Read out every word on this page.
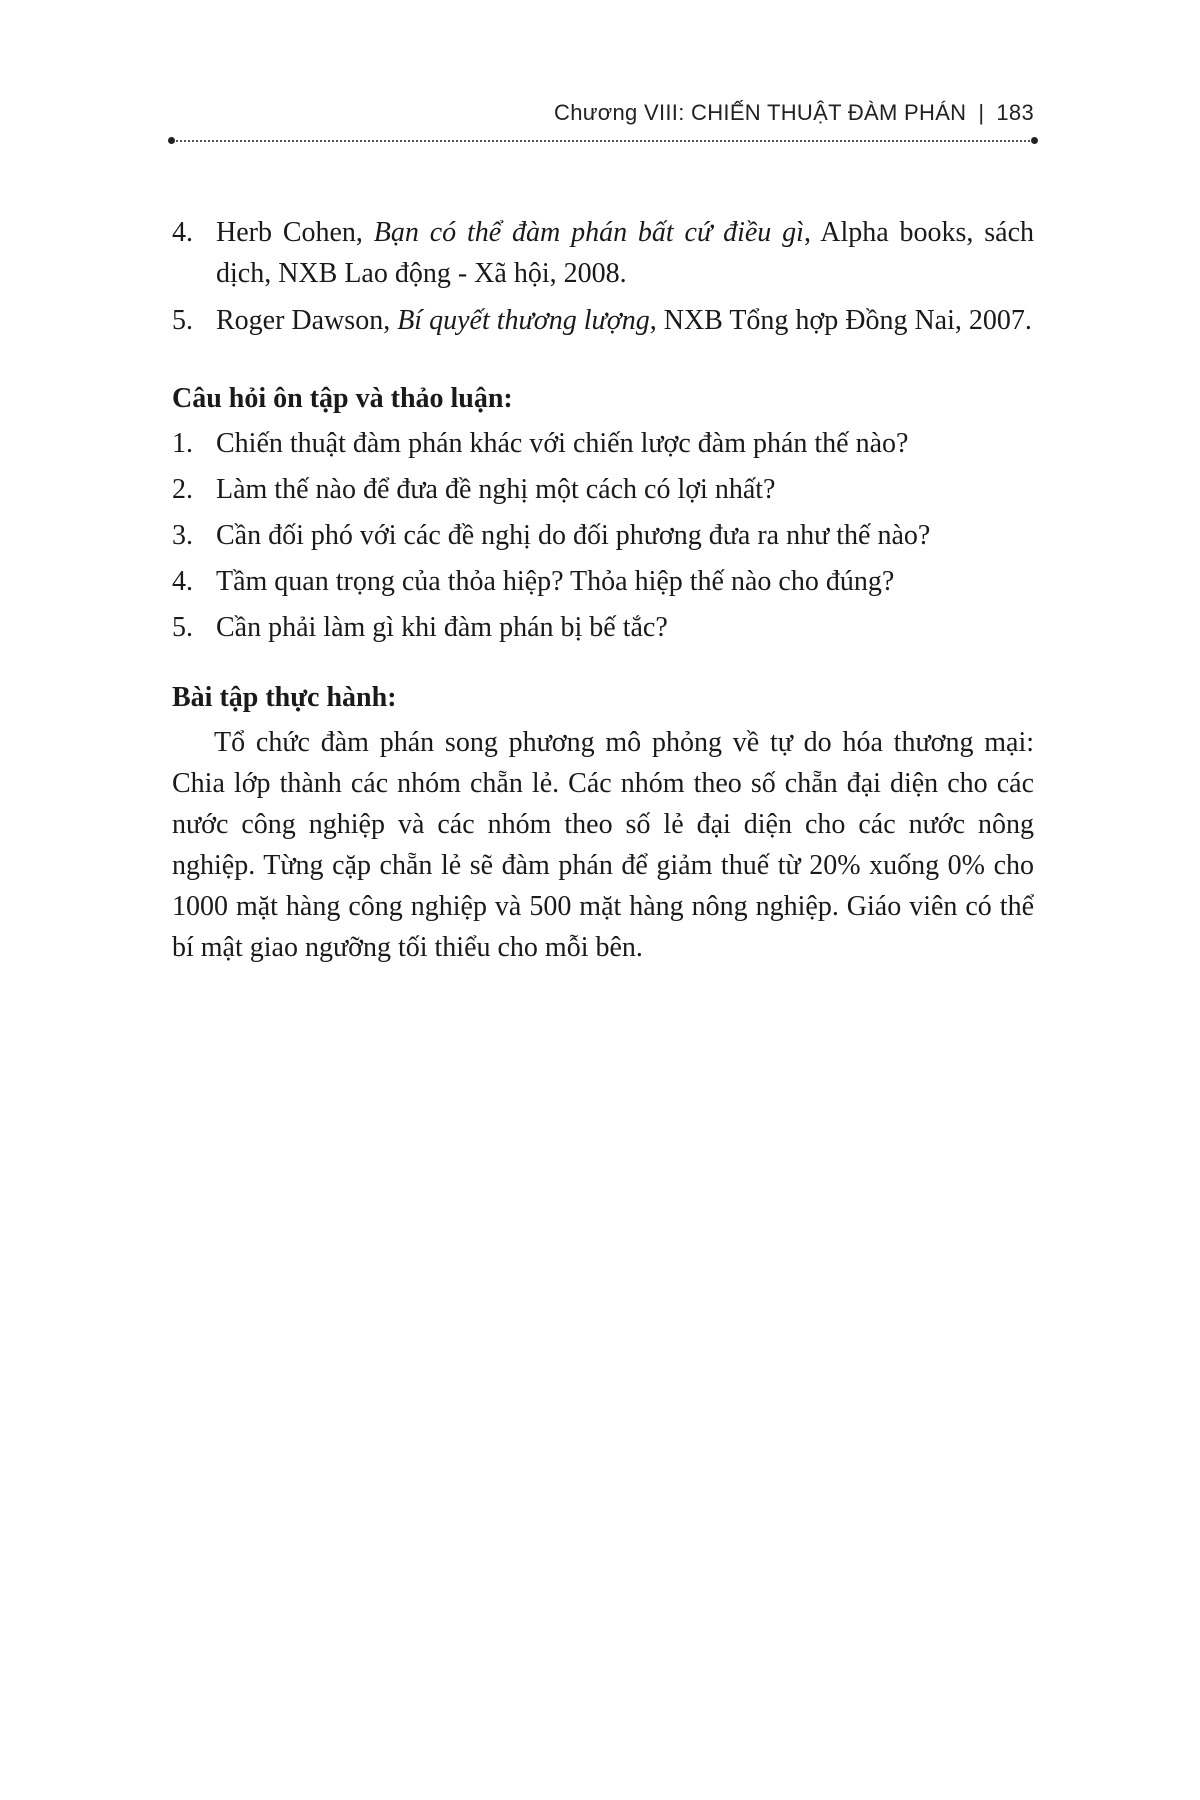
Chương VIII: CHIẾN THUẬT ĐÀM PHÁN | 183
4. Herb Cohen, Bạn có thể đàm phán bất cứ điều gì, Alpha books, sách dịch, NXB Lao động - Xã hội, 2008.
5. Roger Dawson, Bí quyết thương lượng, NXB Tổng hợp Đồng Nai, 2007.
Câu hỏi ôn tập và thảo luận:
1. Chiến thuật đàm phán khác với chiến lược đàm phán thế nào?
2. Làm thế nào để đưa đề nghị một cách có lợi nhất?
3. Cần đối phó với các đề nghị do đối phương đưa ra như thế nào?
4. Tầm quan trọng của thỏa hiệp? Thỏa hiệp thế nào cho đúng?
5. Cần phải làm gì khi đàm phán bị bế tắc?
Bài tập thực hành:

Tổ chức đàm phán song phương mô phỏng về tự do hóa thương mại: Chia lớp thành các nhóm chẵn lẻ. Các nhóm theo số chẵn đại diện cho các nước công nghiệp và các nhóm theo số lẻ đại diện cho các nước nông nghiệp. Từng cặp chẵn lẻ sẽ đàm phán để giảm thuế từ 20% xuống 0% cho 1000 mặt hàng công nghiệp và 500 mặt hàng nông nghiệp. Giáo viên có thể bí mật giao ngưỡng tối thiểu cho mỗi bên.
